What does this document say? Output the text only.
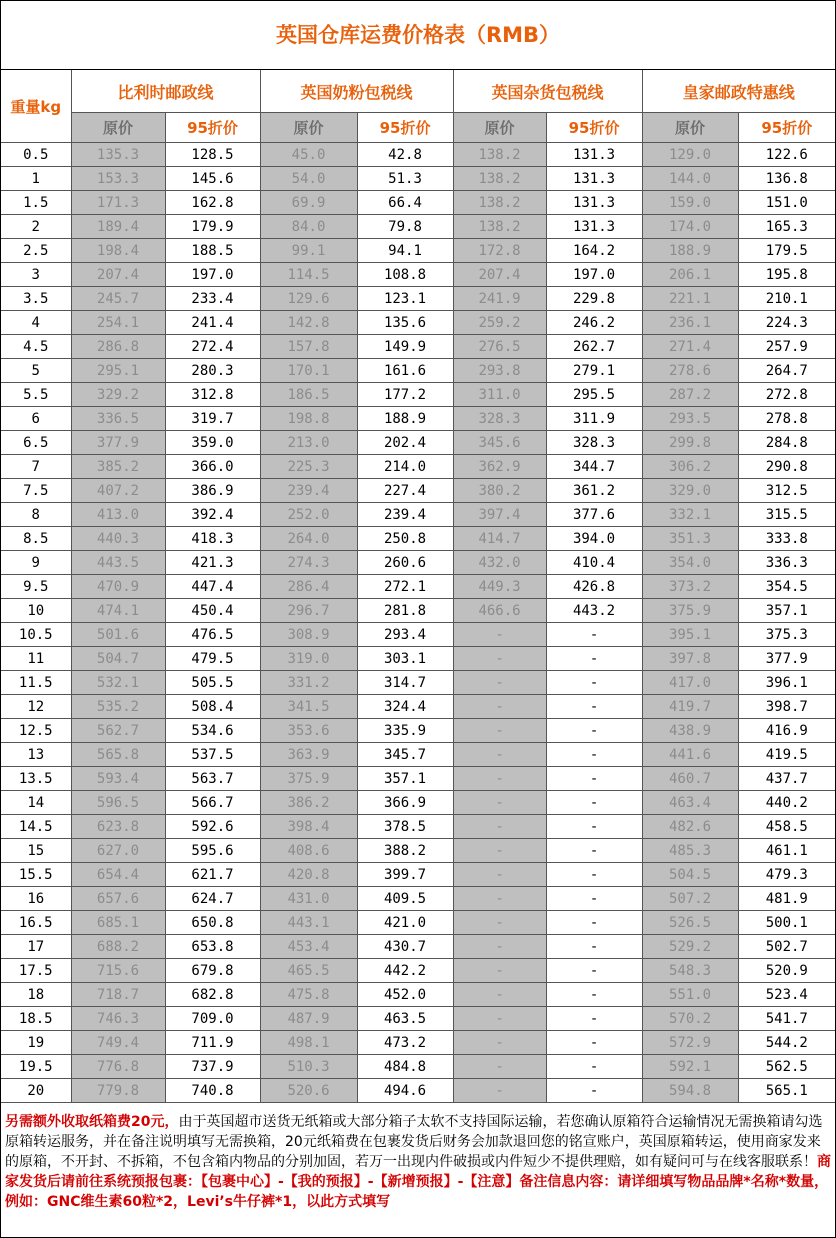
英国仓库运费价格表（RMB）
重量kg	比利时邮政线		英国奶粉包税线		英国杂货包税线		皇家邮政特惠线	
	原价	95折价	原价	95折价	原价	95折价	原价	95折价
0.5	135.3	128.5	45.0	42.8	138.2	131.3	129.0	122.6
1	153.3	145.6	54.0	51.3	138.2	131.3	144.0	136.8
1.5	171.3	162.8	69.9	66.4	138.2	131.3	159.0	151.0
2	189.4	179.9	84.0	79.8	138.2	131.3	174.0	165.3
2.5	198.4	188.5	99.1	94.1	172.8	164.2	188.9	179.5
3	207.4	197.0	114.5	108.8	207.4	197.0	206.1	195.8
3.5	245.7	233.4	129.6	123.1	241.9	229.8	221.1	210.1
4	254.1	241.4	142.8	135.6	259.2	246.2	236.1	224.3
4.5	286.8	272.4	157.8	149.9	276.5	262.7	271.4	257.9
5	295.1	280.3	170.1	161.6	293.8	279.1	278.6	264.7
5.5	329.2	312.8	186.5	177.2	311.0	295.5	287.2	272.8
6	336.5	319.7	198.8	188.9	328.3	311.9	293.5	278.8
6.5	377.9	359.0	213.0	202.4	345.6	328.3	299.8	284.8
7	385.2	366.0	225.3	214.0	362.9	344.7	306.2	290.8
7.5	407.2	386.9	239.4	227.4	380.2	361.2	329.0	312.5
8	413.0	392.4	252.0	239.4	397.4	377.6	332.1	315.5
8.5	440.3	418.3	264.0	250.8	414.7	394.0	351.3	333.8
9	443.5	421.3	274.3	260.6	432.0	410.4	354.0	336.3
9.5	470.9	447.4	286.4	272.1	449.3	426.8	373.2	354.5
10	474.1	450.4	296.7	281.8	466.6	443.2	375.9	357.1
10.5	501.6	476.5	308.9	293.4	-	-	395.1	375.3
11	504.7	479.5	319.0	303.1	-	-	397.8	377.9
11.5	532.1	505.5	331.2	314.7	-	-	417.0	396.1
12	535.2	508.4	341.5	324.4	-	-	419.7	398.7
12.5	562.7	534.6	353.6	335.9	-	-	438.9	416.9
13	565.8	537.5	363.9	345.7	-	-	441.6	419.5
13.5	593.4	563.7	375.9	357.1	-	-	460.7	437.7
14	596.5	566.7	386.2	366.9	-	-	463.4	440.2
14.5	623.8	592.6	398.4	378.5	-	-	482.6	458.5
15	627.0	595.6	408.6	388.2	-	-	485.3	461.1
15.5	654.4	621.7	420.8	399.7	-	-	504.5	479.3
16	657.6	624.7	431.0	409.5	-	-	507.2	481.9
16.5	685.1	650.8	443.1	421.0	-	-	526.5	500.1
17	688.2	653.8	453.4	430.7	-	-	529.2	502.7
17.5	715.6	679.8	465.5	442.2	-	-	548.3	520.9
18	718.7	682.8	475.8	452.0	-	-	551.0	523.4
18.5	746.3	709.0	487.9	463.5	-	-	570.2	541.7
19	749.4	711.9	498.1	473.2	-	-	572.9	544.2
19.5	776.8	737.9	510.3	484.8	-	-	592.1	562.5
20	779.8	740.8	520.6	494.6	-	-	594.8	565.1
另需额外收取纸箱费20元，由于英国超市送货无纸箱或大部分箱子太软不支持国际运输，若您确认原箱符合运输情况无需换箱请勾选原箱转运服务，并在备注说明填写无需换箱，20元纸箱费在包裹发货后财务会加款退回您的铭宣账户，英国原箱转运，使用商家发来的原箱，不开封、不拆箱，不包含箱内物品的分别加固，若万一出现内件破损或内件短少不提供理赔，如有疑问可与在线客服联系！商家发货后请前往系统预报包裹：【包裹中心】-【我的预报】-【新增预报】-【注意】备注信息内容：请详细填写物品品牌*名称*数量，例如：GNC维生素60粒*2，Levi’s牛仔裤*1，以此方式填写
